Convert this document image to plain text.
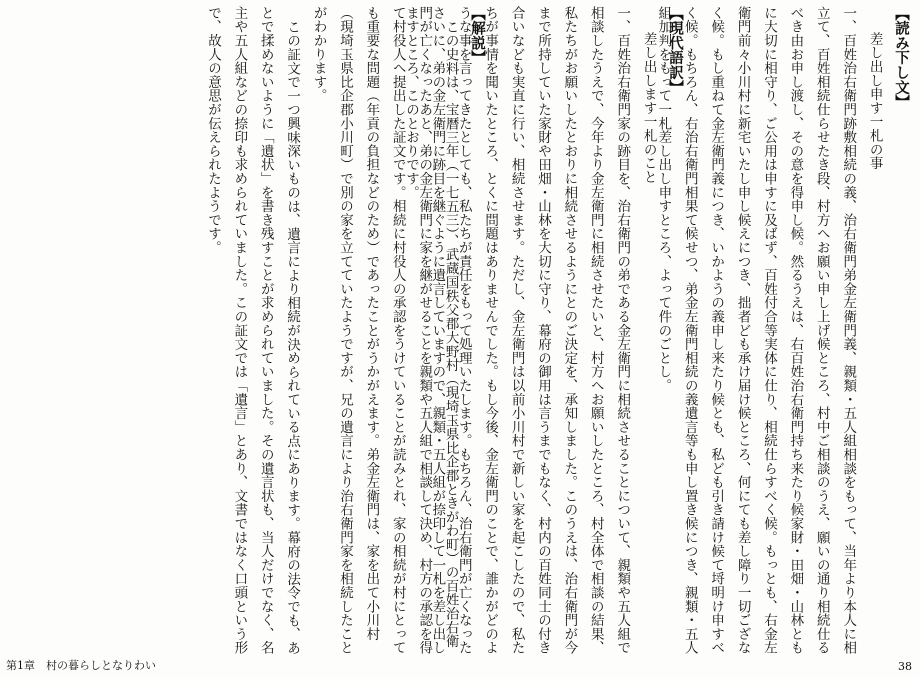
【読み下し文】

差し出し申す一札の事

一、百姓治右衛門跡敷相続の義、治右衛門弟金左衛門義、親類・五人組相談をもって、当年より本人に相立て、百姓相続仕らせたき段、村方へお願い申し上げ候ところ、村中ご相談のうえ、願いの通り相続仕るべき由お申し渡し、その意を得申し候。然るうえは、右百姓治右衛門持ち来たり候家財・田畑・山林ともに大切に相守り、ご公用は申すに及ばず、百姓付合等実体に仕り、相続仕らすべく候。もっとも、右金左衛門前々小川村に新宅いたし申し候えにつき、拙者ども承け届け候ところ、何にても差し障り一切ござなく候。もし重ねて金左衛門義につき、いかようの義申し来たり候とも、私ども引き請け候て埒明け申すべく候。もちろん、右治右衛門相果て候せつ、弟金左衛門相続の義遺言等も申し置き候につき、親類・五人組加判をもって一札差し出し申すところ、よって件のごとし。

【現代語訳】

差し出します一札のこと

一、百姓治右衛門家の跡目を、治右衛門の弟である金左衛門に相続させることについて、親類や五人組で相談したうえで、今年より金左衛門に相続させたいと、村方へお願いしたところ、村全体で相談の結果、私たちがお願いしたとおりに相続させるようにとのご決定を、承知しました。このうえは、治右衛門が今まで所持していた家財や田畑・山林を大切に守り、幕府の御用は言うまでもなく、村内の百姓同士の付き合いなども実直に行い、相続させます。ただし、金左衛門は以前小川村で新しい家を起こしたので、私たちが事情を聞いたところ、とくに問題はありませんでした。もし今後、金左衛門のことで、誰かがどのような事を言ってきたとしても、私たちが責任をもって処理いたします。もちろん、治右衛門が亡くなったさいに、弟の金左衛門に跡目を継ぐように遺言していますので、親類・五人組が捺印して一札を差し出しますところ、このとおりです。	【解説】

この史料は、宝暦三年（一七五三）、武蔵国秩父郡大野村（現埼玉県比企郡ときがわ町）の百姓治右衛門が亡くなったあと、弟の金左衛門に家を継がせることを親類や五人組で相談して決め、村方の承認を得て村役人へ提出した証文です。相続に村役人の承認をうけていることが読みとれ、家の相続が村にとっても重要な問題（年貢の負担などのため）であったことがうかがえます。弟金左衛門は、家を出て小川村（現埼玉県比企郡小川町）で別の家を立てていたようですが、兄の遺言により治右衛門家を相続したことがわかります。

この証文で一つ興味深いものは、遺言により相続が決められている点にあります。幕府の法令でも、あとで揉めないように「遺状」を書き残すことが求められていました。その遺言状も、当人だけでなく、名主や五人組などの捺印も求められていました。この証文では「遺言」とあり、文書ではなく口頭という形で、故人の意思が伝えられたようです。

第1章　村の暮らしとなりわい	38
